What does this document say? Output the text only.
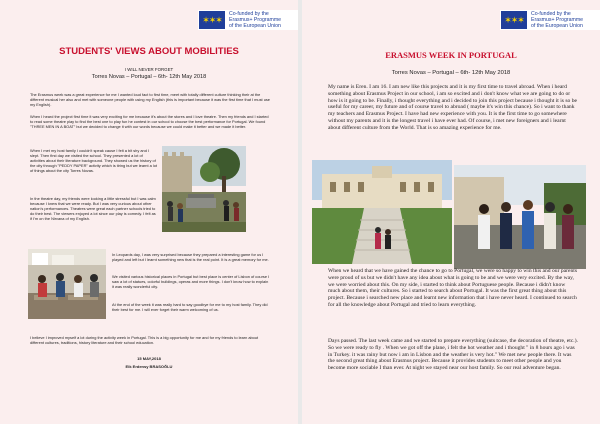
✶✶✶
Co-funded by the
Erasmus+ Programme
of the European Union
STUDENTS' VIEWS ABOUT MOBILITIES
I WILL NEVER FORGET
Torres Novas – Portugal – 6th- 12th May 2018

The Erasmus week was a great experience for me I wanted loud fact to first time, meet with totally different culture thinking their at the different musical her also and met with someone people with using my English (this is important because it was the first time that I must use my English).

When I heard the project first time it was very exciting for me because it's about the stores and I love theatre. Then my friends and I started to read some theatre play to find the best one to play fun he contest in our school to choose the best performance for Portugal. We found "THREE MEN IN A BOAT" but we decided to change it with our words because we could make it better and we made it better.

When I met my host family I couldn't speak cause I felt a bit shy and I slept. Then first day we visited the school. They presented a lot of activities about their literature background. They showed us the history of the city through "PEDDY PAPER" activity which is tiring but we learnt a lot of things about the city Torres Novas.

In the theatre day, my friends were looking a little stressful but I was calm because I knew that we were ready. But I was very curious about other nation's performances. Theatres were great each partner schools tried to do their best. The viewers enjoyed a lot since our play is comedy. I felt as if I'm on the Nirvana of my English.

In Leopards day, I was very surprised because they prepared a interesting game for us I played and left but I learnt something new that is the real point. It is a great memory for me.

We visited various historical places in Portugal but best place is center of Lisbon of course I saw a lot of statues, colorful buildings, operas and more things. I don't know how to explain it was really wonderful city.

At the end of the week it was really hard to say goodbye for me to my host family. They did their best for me. I will ever forget their warm welcoming of us.

I believe I improved myself a lot during the activity week in Portugal. This is a big opportunity for me and for my friends to learn about different cultures, traditions, history literature and their school education.

15 MAY,2018
Elk Erdensy BRASOĞLU
✶✶✶
Co-funded by the
Erasmus+ Programme
of the European Union
ERASMUS WEEK IN PORTUGAL
Torres Novas – Portugal – 6th- 12th May 2018

My name is Eren. I am 16. I am new like this projects and it is my first time to travel abroad. When i heard something about Erasmus Project in our school, i am so excited and i don't know what we are going to do or how is it going to be. Finally, i thought everything and i decided to join this project because i thought it is so be useful for my career, my future and of course travel to abroad ( maybe it's win this chance). So i want to thank my teachers and Erasmus Project. I have had new experience with you. It is the first time to go somewhere without my parents and it is the longest travel i have ever had. Of course, i met new foreigners and i learnt about different culture from the World. That is so amazing experience for me.

When we heard that we have gained the chance to go to Portugal, we were so happy to win this and our parents were proud of us but we didn't have any idea about what is going to be and we were very excited. By the way, we were worried about this. On my side, i started to think about Portuguese people. Because i didn't know much about them, their cultures. So i started to search about Portugal. It was the first great thing about this project. Because i searched new place and learnt new information that i have never heard. I continued to search for all the knowledge about Portugal and tried to learn everything.

Days passed. The last week came and we started to prepare everything (suitcase, the decoration of theatre, etc.). So we were ready to fly . When we got off the plane, i felt the hot weather and i thought " in 8 hours ago i was in Turkey. it was rainy but now i am in Lisbon and the weather is very hot." We met new people there. It was the second great thing about Erasmus project. Because it provides students to meet other people and you become more sociable I than ever. At night we stayed near our host family. So our real adventure began.
